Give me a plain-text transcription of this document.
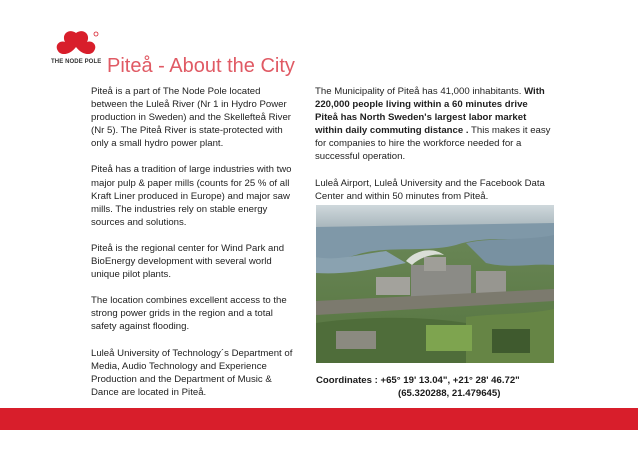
THE NODE POLE Piteå - About the City

Piteå is a part of The Node Pole located between the Luleå River (Nr 1 in Hydro Power production in Sweden) and the Skellefteå River (Nr 5). The Piteå River is state-protected with only a small hydro power plant.

Piteå has a tradition of large industries with two major pulp & paper mills (counts for 25 % of all Kraft Liner produced in Europe) and major saw mills. The industries rely on stable energy sources and solutions.

Piteå is the regional center for Wind Park and BioEnergy development with several world unique pilot plants.

The location combines excellent access to the strong power grids in the region and a total safety against flooding.

Luleå University of Technology´s Department of Media, Audio Technology and Experience Production and the Department of Music & Dance are located in Piteå.

The Municipality of Piteå has 41,000 inhabitants. With 220,000 people living within a 60 minutes drive Piteå has North Sweden's largest labor market within daily commuting distance . This makes it easy for companies to hire the workforce needed for a successful operation.

Luleå Airport, Luleå University and the Facebook Data Center and within 50 minutes from Piteå.

Coordinates : +65° 19' 13.04", +21° 28' 46.72"
(65.320288, 21.479645)
